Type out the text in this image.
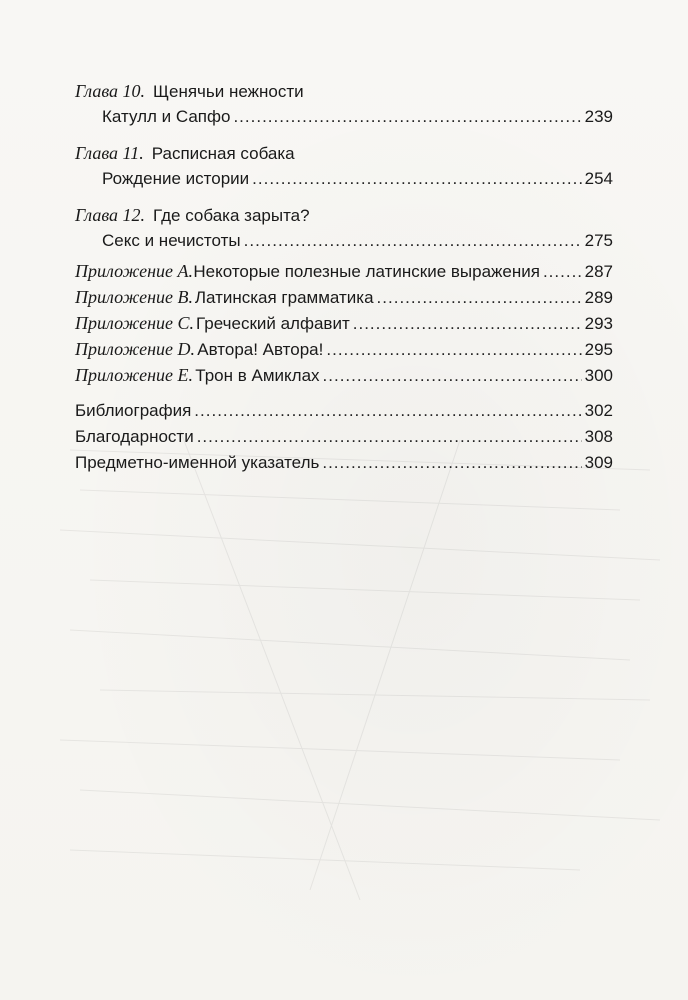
Глава 10. Щенячьи нежности
Катулл и Сапфо .....	239
Глава 11. Расписная собака
Рождение истории .....	254
Глава 12. Где собака зарыта?
Секс и нечистоты .....	275
Приложение A. Некоторые полезные латинские выражения .....	287
Приложение B. Латинская грамматика .....	289
Приложение C. Греческий алфавит .....	293
Приложение D. Автора! Автора! .....	295
Приложение E. Трон в Амиклах .....	300
Библиография .....	302
Благодарности .....	308
Предметно-именной указатель .....	309
